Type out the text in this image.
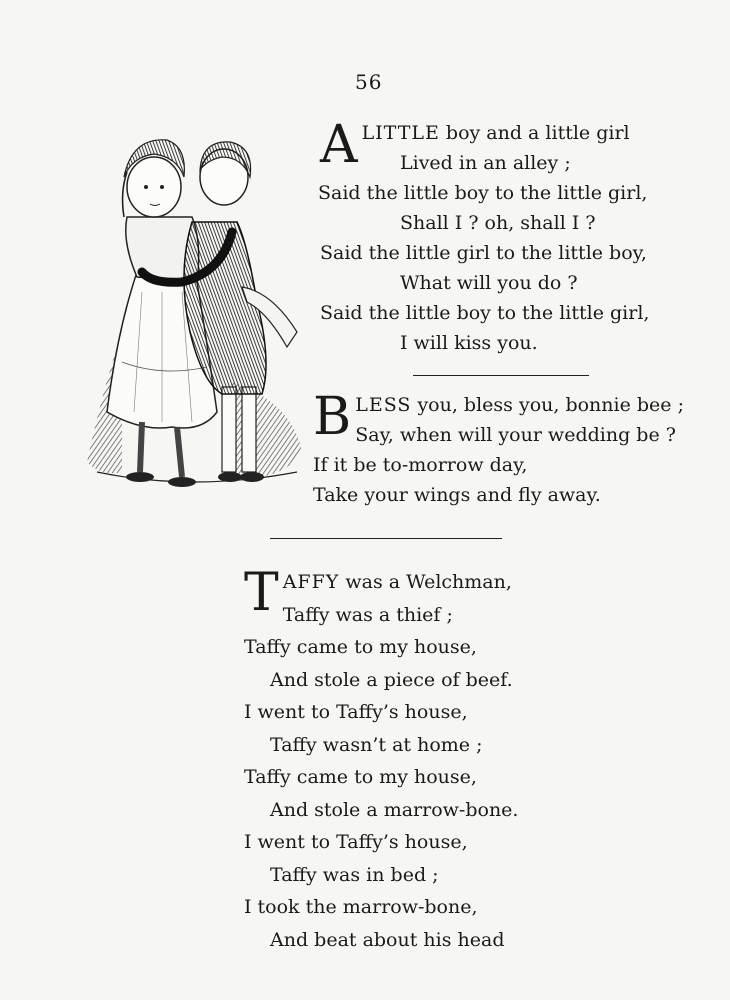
56
A LITTLE boy and a little girl
Lived in an alley ;
Said the little boy to the little girl,
Shall I ? oh, shall I ?
Said the little girl to the little boy,
What will you do ?
Said the little boy to the little girl,
I will kiss you.
B LESS you, bless you, bonnie bee ;
Say, when will your wedding be ?
If it be to-morrow day,
Take your wings and fly away.
T AFFY was a Welchman,
Taffy was a thief ;
Taffy came to my house,
And stole a piece of beef.
I went to Taffy’s house,
Taffy wasn’t at home ;
Taffy came to my house,
And stole a marrow-bone.
I went to Taffy’s house,
Taffy was in bed ;
I took the marrow-bone,
And beat about his head
